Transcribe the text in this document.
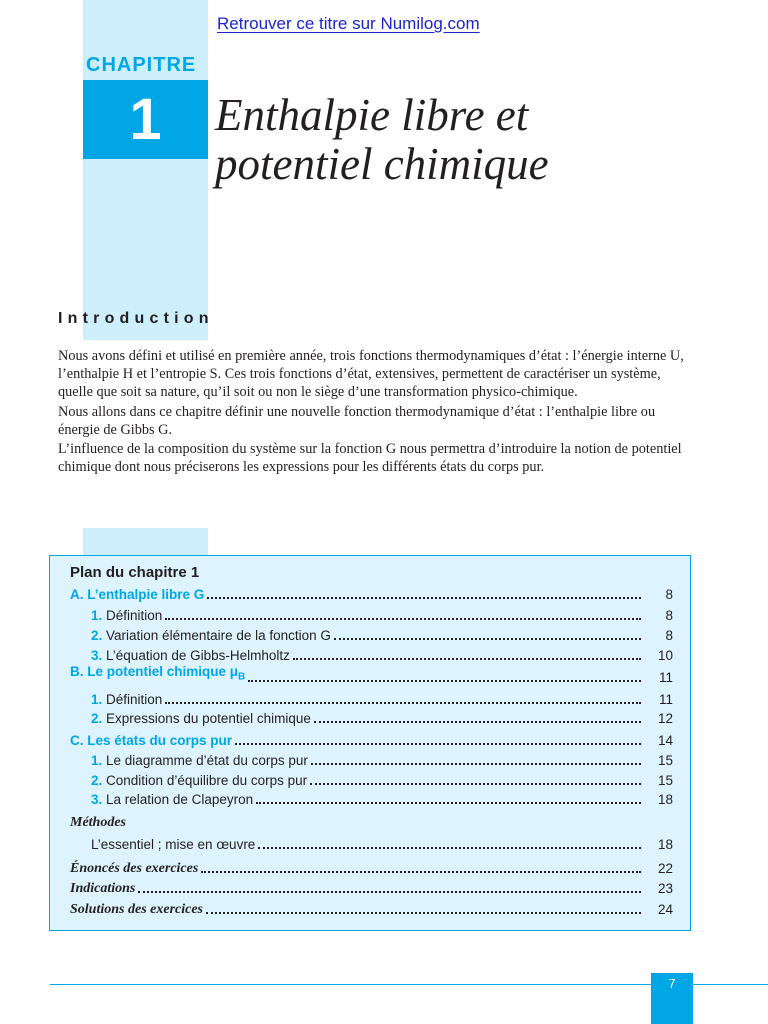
Retrouver ce titre sur Numilog.com
CHAPITRE
1	Enthalpie libre et
potentiel chimique
Introduction

Nous avons défini et utilisé en première année, trois fonctions thermodynamiques d’état : l’énergie interne U, l’enthalpie H et l’entropie S. Ces trois fonctions d’état, extensives, permettent de caractériser un système, quelle que soit sa nature, qu’il soit ou non le siège d’une transformation physico-chimique.

Nous allons dans ce chapitre définir une nouvelle fonction thermodynamique d’état : l’enthalpie libre ou énergie de Gibbs G.

L’influence de la composition du système sur la fonction G nous permettra d’introduire la notion de potentiel chimique dont nous préciserons les expressions pour les différents états du corps pur.

Plan du chapitre 1
A. L’enthalpie libre G	8
1. Définition	8
2. Variation élémentaire de la fonction G	8
3. L’équation de Gibbs-Helmholtz	10
B. Le potentiel chimique $\mu_B$	11
1. Définition	11
2. Expressions du potentiel chimique	12
C. Les états du corps pur	14
1. Le diagramme d’état du corps pur	15
2. Condition d’équilibre du corps pur	15
3. La relation de Clapeyron	18
Méthodes
L’essentiel ; mise en œuvre	18
Énoncés des exercices	22
Indications	23
Solutions des exercices	24
7
